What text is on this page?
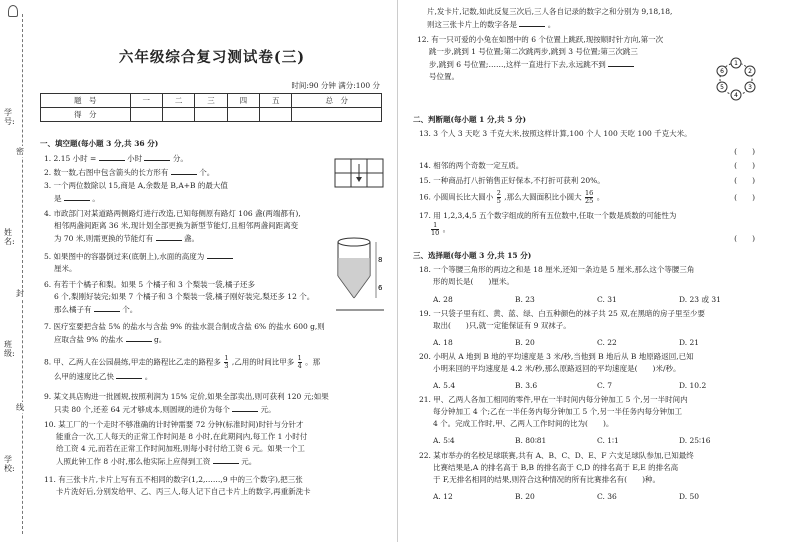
学号:
姓名:
班级:
学校:
密
封
线
六年级综合复习测试卷(三)
时间:90 分钟 满分:100 分
题　号	一	二	三	四	五	总　分
得　分						
一、填空题(每小题 3 分,共 36 分)
1. 2.15 小时 =	小时	分。
2. 数一数,右图中包含箭头的长方形有	个。
3. 一个两位数除以 15,商是 A,余数是 B,A+B 的最大值
是	。
4. 市政部门对某道路两侧路灯进行改造,已知每侧原有路灯 106 盏(两端都有),
相邻两盏间距离 36 米,现计划全部更换为新型节能灯,且相邻两盏间距离变
为 70 米,则需更换的节能灯有	盏。
5. 如果图中的容器倒过来(底朝上),水面的高度为
厘米。
8
6
6. 有若干个橘子和梨。如果 5 个橘子和 3 个梨装一袋,橘子还多
6 个,梨刚好装完;如果 7 个橘子和 3 个梨装一袋,橘子刚好装完,梨还多 12 个。
那么橘子有	个。
7. 医疗室要把含盐 5% 的盐水与含盐 9% 的盐水混合制成含盐 6% 的盐水 600 g,则
应取含盐 9% 的盐水	g。
8. 甲、乙两人在公园晨练,甲走的路程比乙走的路程多 $\frac{1}{3}$ ,乙用的时间比甲多 $\frac{1}{4}$ 。那
么甲的速度比乙快	。
9. 某文具店购进一批圆规,按照利润为 15% 定价,如果全部卖出,则可获利 120 元;如果
只卖 80 个,还差 64 元才够成本,则圆规的进价为每个	元。
10. 某工厂的一个走时不够准确的计时钟需要 72 分钟(标准时间)时针与分针才
能重合一次,工人每天的正常工作时间是 8 小时,在此期间内,每工作 1 小时付
给工资 4 元,而若在正常工作时间加班,则每小时付给工资 6 元。如果一个工
人照此钟工作 8 小时,那么他实际上应得到工资	元。
11. 有三张卡片,卡片上写有五不相同的数字(1,2,……,9 中的三个数字),把三张
卡片洗好后,分别发给甲、乙、丙三人,每人记下自己卡片上的数字,再重新洗卡
片,发卡片,记数,如此反复三次后,三人各自记录的数字之和分别为 9,18,18,
则这三张卡片上的数字各是	。
12. 有一只可爱的小兔在如图中的 6 个位置上跳跃,现按顺时针方向,第一次
跳一步,跳到 1 号位置;第二次跳两步,跳到 3 号位置;第三次跳三
步,跳到 6 号位置;……,这样一直进行下去,永远跳不到
号位置。
1
2
3
4
5
6
二、判断题(每小题 1 分,共 5 分)
13. 3 个人 3 天吃 3 千克大米,按照这样计算,100 个人 100 天吃 100 千克大米。
(　　)
14. 相邻的两个奇数一定互质。	(　　)
15. 一种商品打八折销售正好保本,不打折可获利 20%。	(　　)
16. 小圆周长比大圆小 $\frac{2}{5}$ ,那么大圆面积比小圆大 $\frac{16}{25}$ 。	(　　)
17. 用 1,2,3,4,5 五个数字组成的所有五位数中,任取一个数是质数的可能性为

$\frac{1}{10}$ 。
(　　)
三、选择题(每小题 3 分,共 15 分)
18. 一个等腰三角形的两边之和是 18 厘米,还知一条边是 5 厘米,那么这个等腰三角
形的周长是(　　)厘米。
A. 28	B. 23	C. 31	D. 23 或 31
19. 一只袋子里有红、黄、蓝、绿、白五种颜色的袜子共 25 双,在黑暗的房子里至少要
取出(　　)只,就一定能保证有 9 双袜子。
A. 18	B. 20	C. 22	D. 21
20. 小明从 A 地到 B 地的平均速度是 3 米/秒,当他到 B 地后从 B 地原路返回,已知
小明来回的平均速度是 4.2 米/秒,那么原路返回的平均速度是(　　)米/秒。
A. 5.4	B. 3.6	C. 7	D. 10.2
21. 甲、乙两人各加工相同的零件,甲在一半时间内每分钟加工 5 个,另一半时间内
每分钟加工 4 个;乙在一半任务内每分钟加工 5 个,另一半任务内每分钟加工
4 个。完成工作时,甲、乙两人工作时间的比为(　　)。
A. 5∶4	B. 80∶81	C. 1∶1	D. 25∶16
22. 某市举办的名校足球联赛,共有 A、B、C、D、E、F 六支足球队参加,已知最终
比赛结果是,A 的排名高于 B,B 的排名高于 C,D 的排名高于 E,E 的排名高
于 F,无排名相同的结果,则符合这种情况的所有比赛排名有(　　)种。
A. 12	B. 20	C. 36	D. 50
